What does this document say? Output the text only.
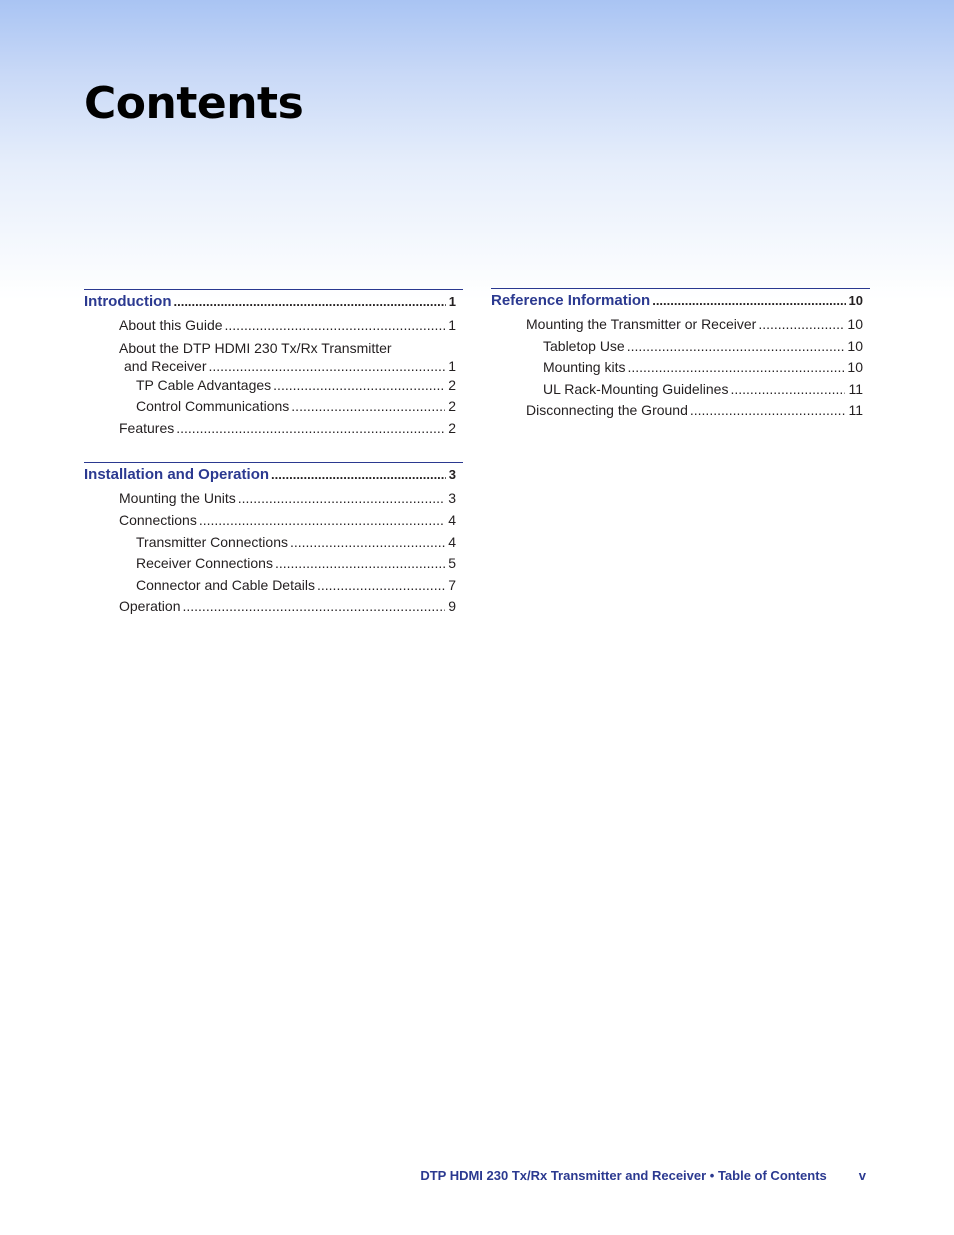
Contents
Introduction .....	1
About this Guide .....	1
About the DTP HDMI 230 Tx/Rx Transmitter
and Receiver .....	1
TP Cable Advantages .....	2
Control Communications .....	2
Features .....	2
Installation and Operation .....	3
Mounting the Units .....	3
Connections .....	4
Transmitter Connections .....	4
Receiver Connections .....	5
Connector and Cable Details .....	7
Operation .....	9
Reference Information .....	10
Mounting the Transmitter or Receiver .....	10
Tabletop Use .....	10
Mounting kits .....	10
UL Rack-Mounting Guidelines .....	11
Disconnecting the Ground .....	11
DTP HDMI 230 Tx/Rx Transmitter and Receiver • Table of Contents v
